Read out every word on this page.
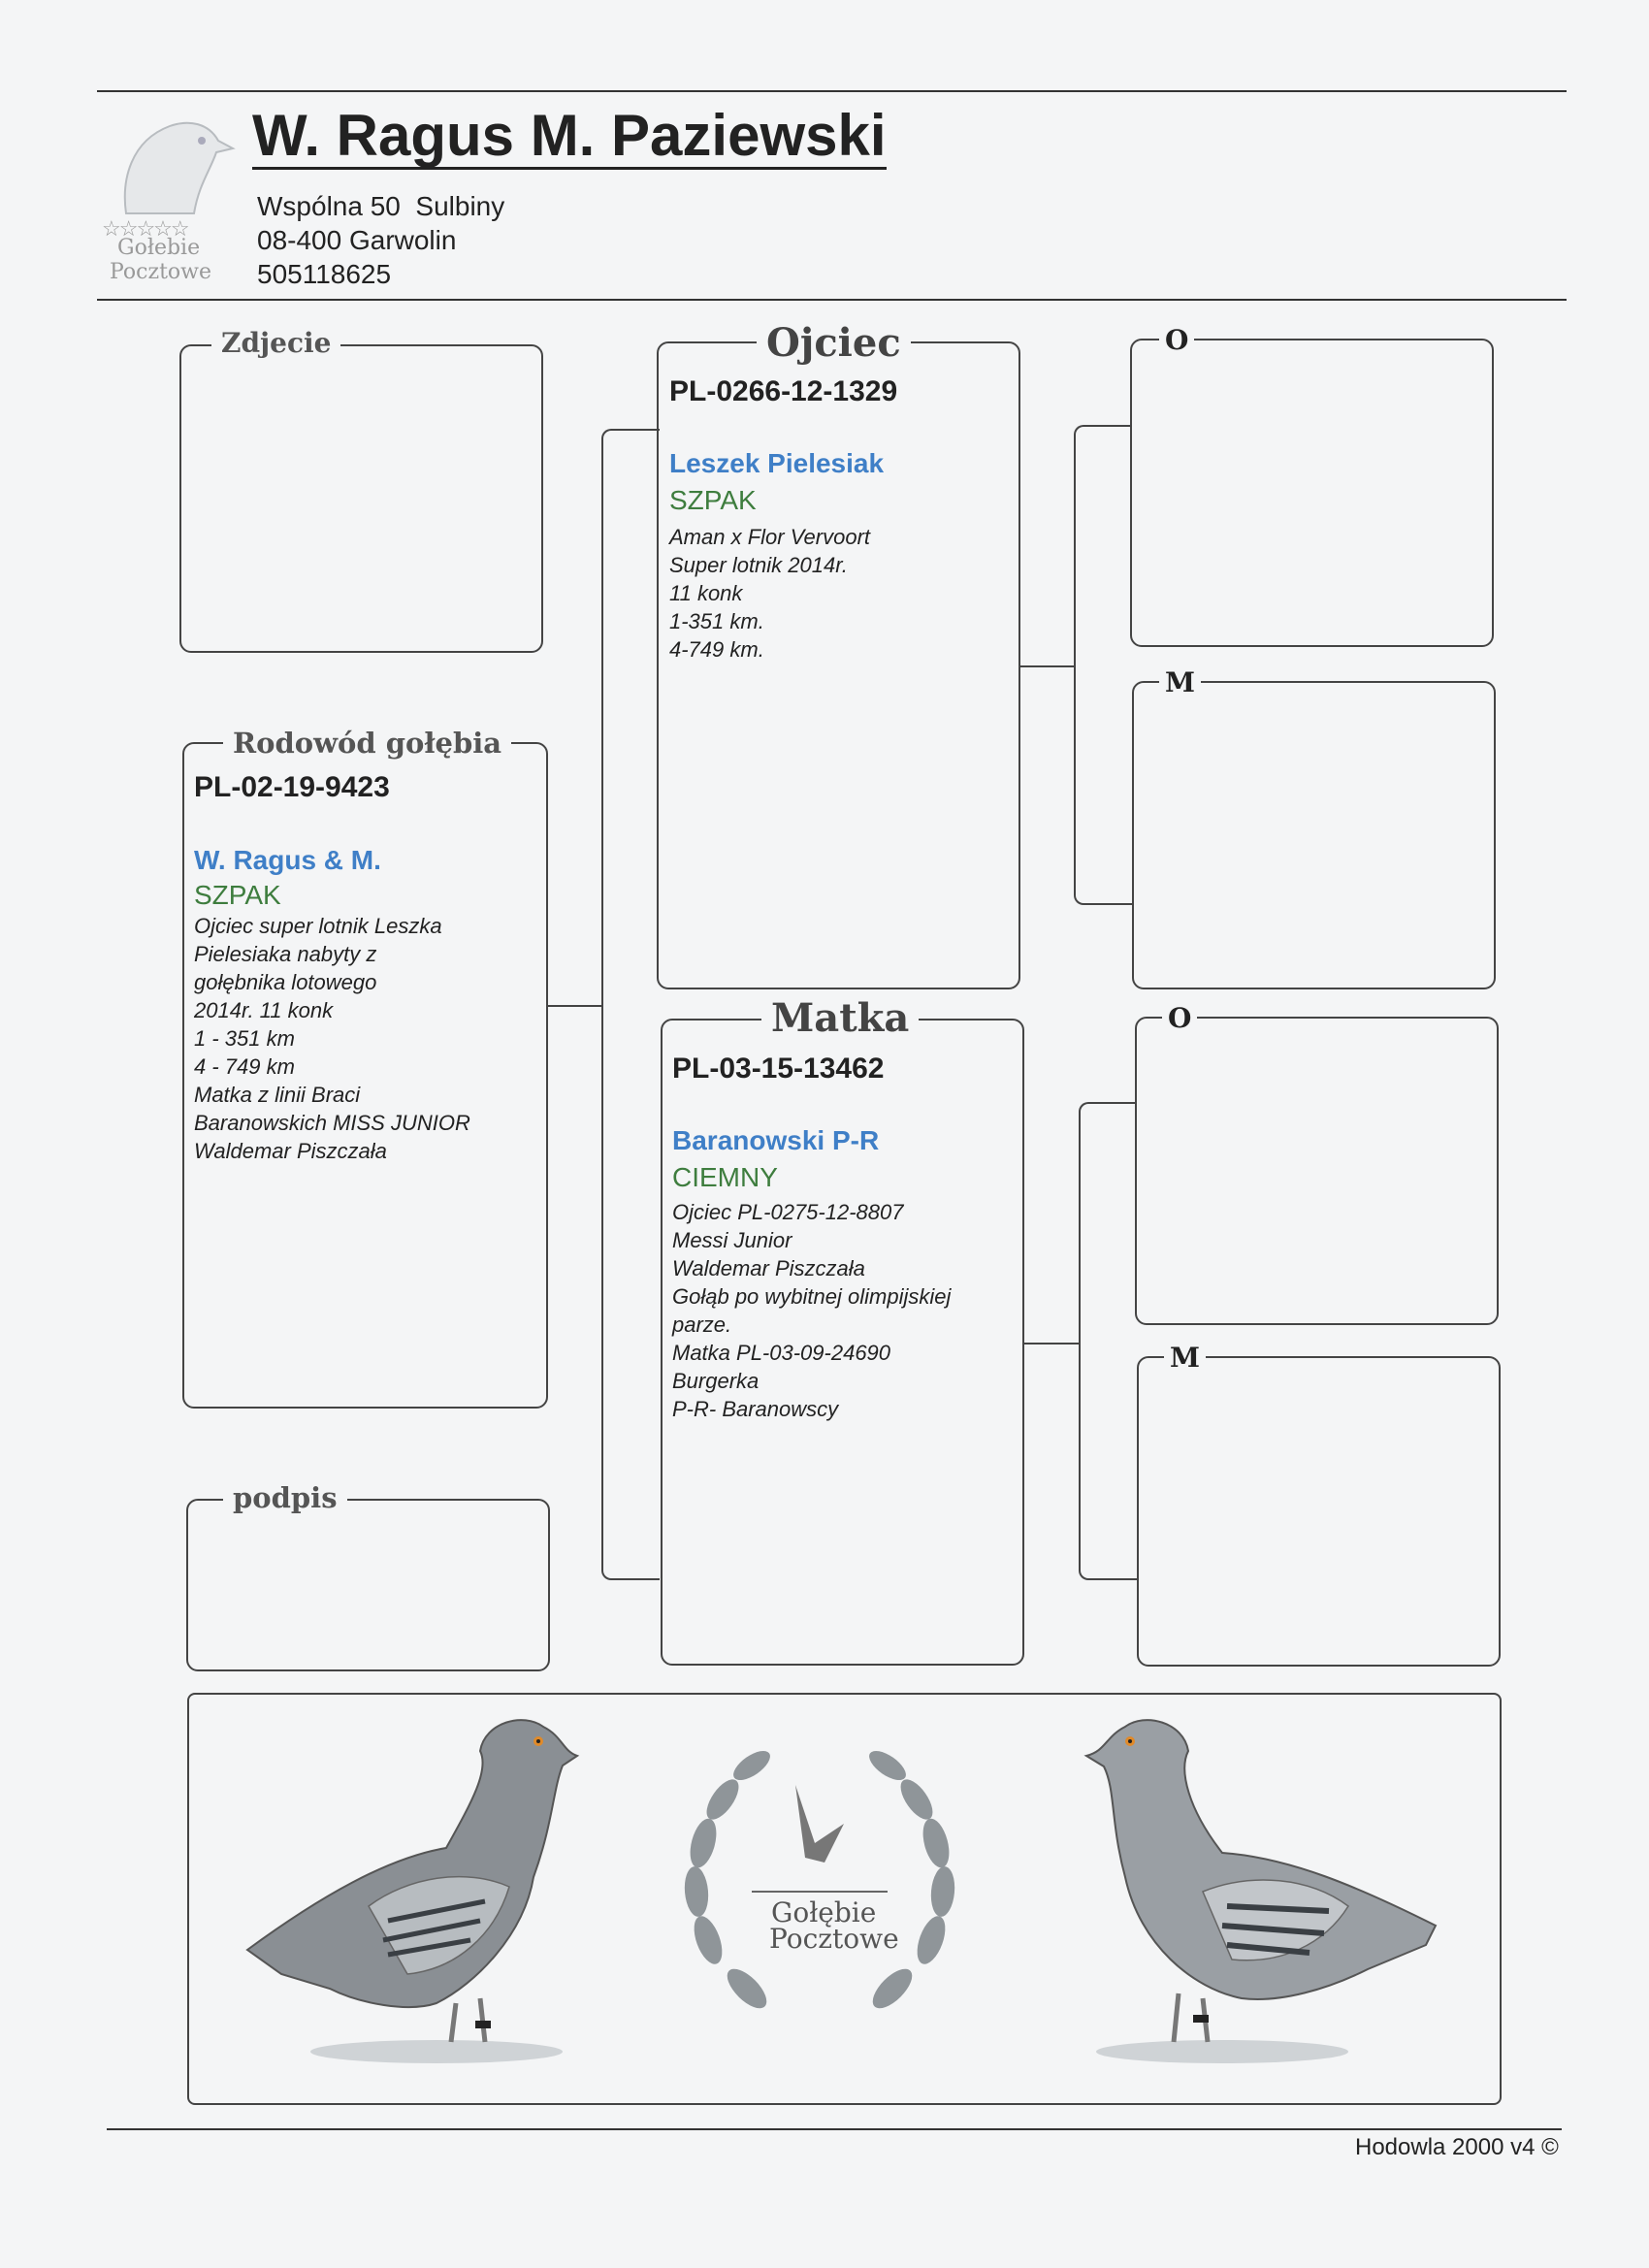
☆☆☆☆☆
Gołebie
Pocztowe
W. Ragus M. Paziewski
Wspólna 50  Sulbiny
08-400 Garwolin
505118625
Zdjecie
Rodowód gołębia
PL-02-19-9423
W. Ragus & M.
SZPAK
Ojciec super lotnik Leszka
Pielesiaka nabyty z
gołębnika lotowego
2014r. 11 konk
1 - 351 km
4 - 749 km
Matka z linii Braci
Baranowskich MISS JUNIOR
Waldemar Piszczała
podpis
Ojciec
PL-0266-12-1329
Leszek Pielesiak
SZPAK
Aman x Flor Vervoort
Super lotnik 2014r.
11 konk
1-351 km.
4-749 km.
Matka
PL-03-15-13462
Baranowski P-R
CIEMNY
Ojciec PL-0275-12-8807
Messi Junior
Waldemar Piszczała
Gołąb po wybitnej olimpijskiej
parze.
Matka PL-03-09-24690
Burgerka
P-R- Baranowscy
O
M
O
M
Gołębie
Pocztowe
Hodowla 2000 v4 ©
